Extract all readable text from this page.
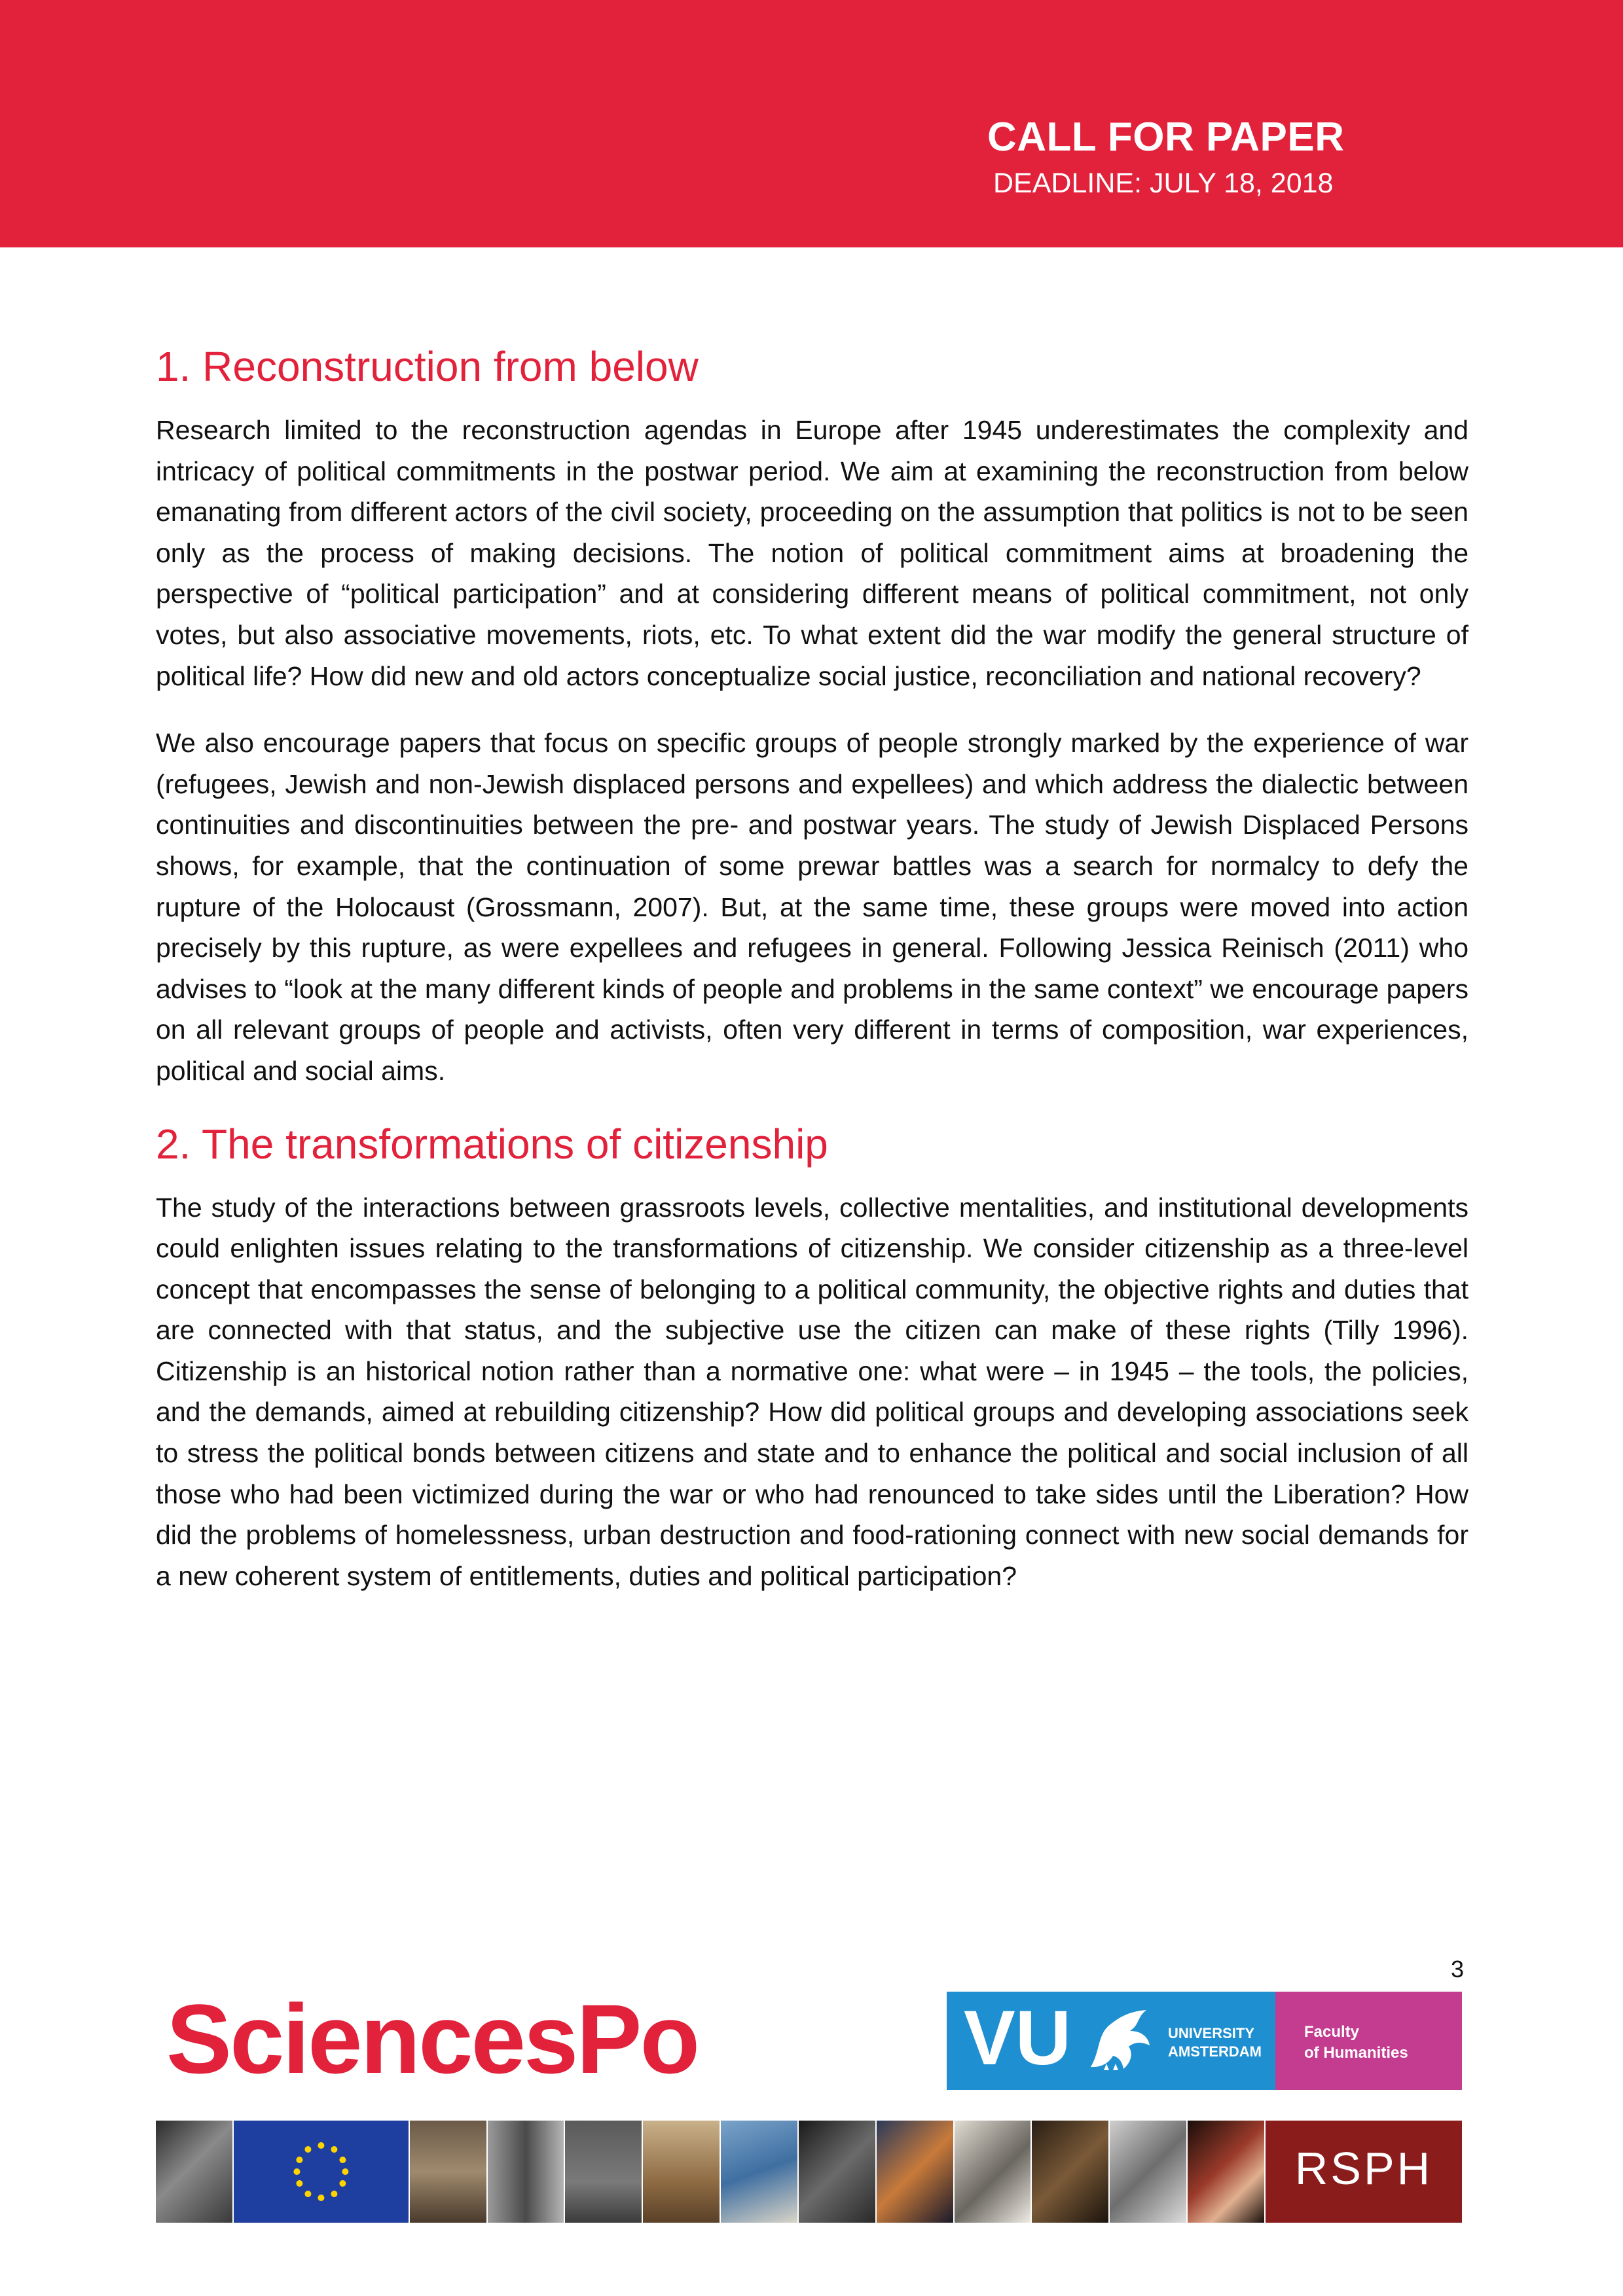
CALL FOR PAPER
DEADLINE: JULY 18, 2018
1. Reconstruction from below

Research limited to the reconstruction agendas in Europe after 1945 underestimates the complexity and intricacy of political commitments in the postwar period. We aim at examining the reconstruction from below emanating from different actors of the civil society, proceeding on the assumption that politics is not to be seen only as the process of making decisions. The notion of political commitment aims at broadening the perspective of “political participation” and at considering different means of political commitment, not only votes, but also associative movements, riots, etc. To what extent did the war modify the general structure of political life? How did new and old actors conceptualize social justice, reconciliation and national recovery?

We also encourage papers that focus on specific groups of people strongly marked by the experience of war (refugees, Jewish and non-Jewish displaced persons and expellees) and which address the dialectic between continuities and discontinuities between the pre- and postwar years. The study of Jewish Displaced Persons shows, for example, that the continuation of some prewar battles was a search for normalcy to defy the rupture of the Holocaust (Grossmann, 2007). But, at the same time, these groups were moved into action precisely by this rupture, as were expellees and refugees in general. Following Jessica Reinisch (2011) who advises to “look at the many different kinds of people and problems in the same context” we encourage papers on all relevant groups of people and activists, often very different in terms of composition, war experiences, political and social aims.

2. The transformations of citizenship

The study of the interactions between grassroots levels, collective mentalities, and institutional developments could enlighten issues relating to the transformations of citizenship. We consider citizenship as a three-level concept that encompasses the sense of belonging to a political community, the objective rights and duties that are connected with that status, and the subjective use the citizen can make of these rights (Tilly 1996). Citizenship is an historical notion rather than a normative one: what were – in 1945 – the tools, the policies, and the demands, aimed at rebuilding citizenship? How did political groups and developing associations seek to stress the political bonds between citizens and state and to enhance the political and social inclusion of all those who had been victimized during the war or who had renounced to take sides until the Liberation? How did the problems of homelessness, urban destruction and food-rationing connect with new social demands for a new coherent system of entitlements, duties and political participation?

3
SciencesPo	VU	UNIVERSITY
AMSTERDAM
Faculty
of Humanities
RSPH
